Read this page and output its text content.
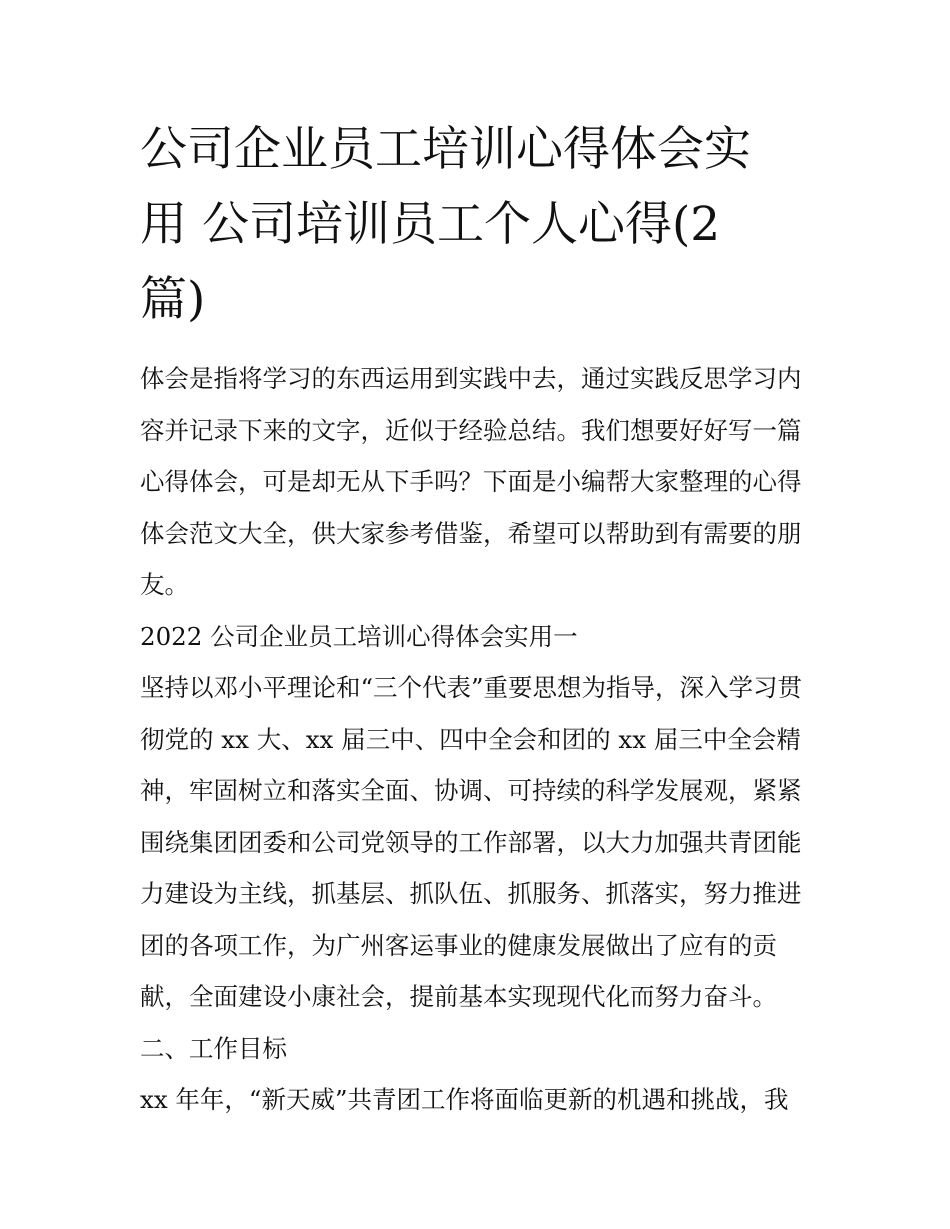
公司企业员工培训心得体会实
用 公司培训员工个人心得(2
篇)
体会是指将学习的东西运用到实践中去，通过实践反思学习内
容并记录下来的文字，近似于经验总结。我们想要好好写一篇
心得体会，可是却无从下手吗？下面是小编帮大家整理的心得
体会范文大全，供大家参考借鉴，希望可以帮助到有需要的朋
友。
2022 公司企业员工培训心得体会实用一
坚持以邓小平理论和“三个代表”重要思想为指导，深入学习贯
彻党的 xx 大、xx 届三中、四中全会和团的 xx 届三中全会精
神，牢固树立和落实全面、协调、可持续的科学发展观，紧紧
围绕集团团委和公司党领导的工作部署，以大力加强共青团能
力建设为主线，抓基层、抓队伍、抓服务、抓落实，努力推进
团的各项工作，为广州客运事业的健康发展做出了应有的贡
献，全面建设小康社会，提前基本实现现代化而努力奋斗。
二、工作目标
xx 年年，“新天威”共青团工作将面临更新的机遇和挑战，我
